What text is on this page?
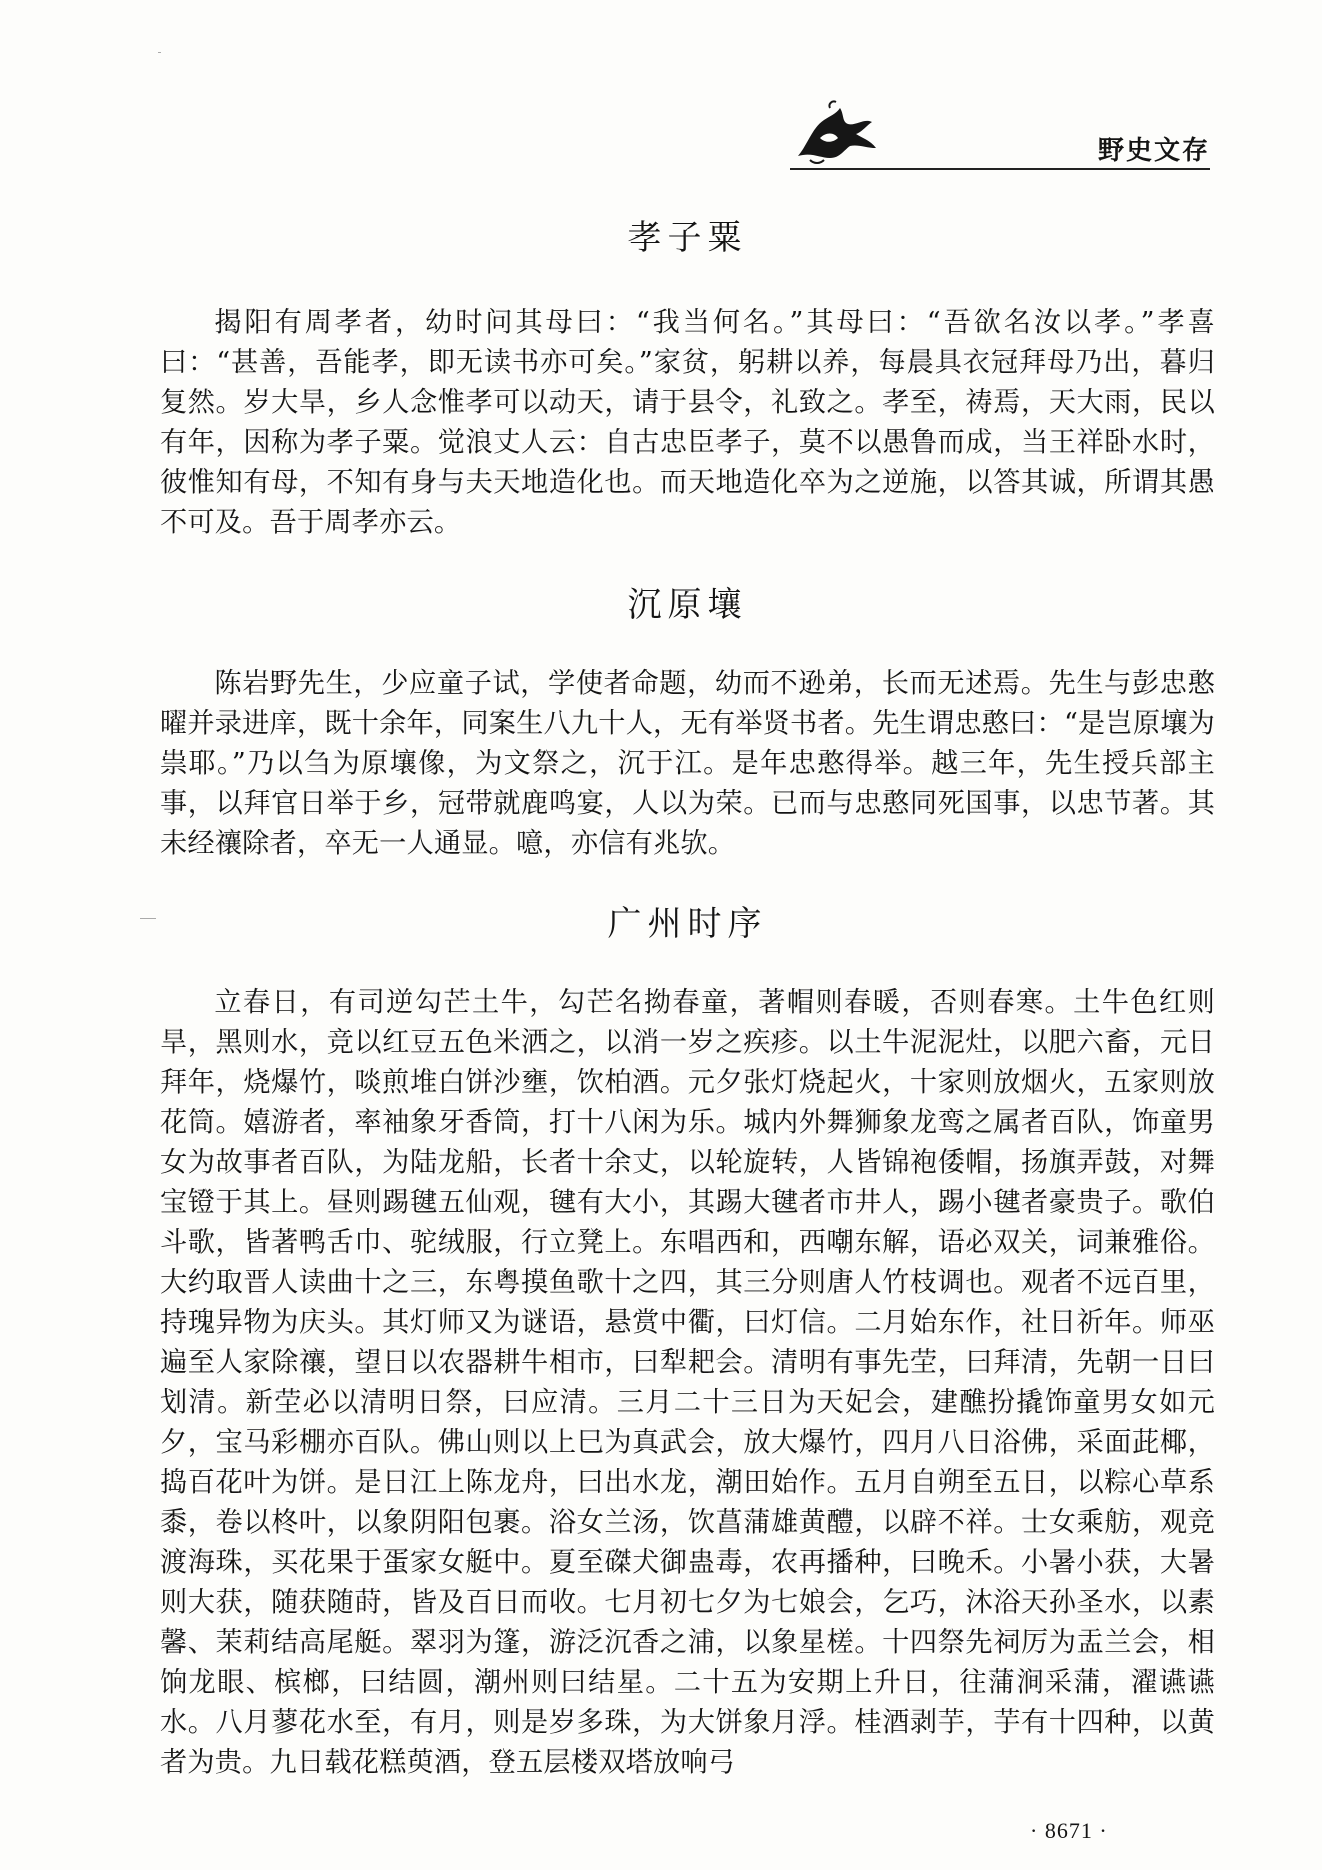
野史文存
孝子粟

揭阳有周孝者，幼时问其母曰：“我当何名。”其母曰：“吾欲名汝以孝。”孝喜曰：“甚善，吾能孝，即无读书亦可矣。”家贫，躬耕以养，每晨具衣冠拜母乃出，暮归复然。岁大旱，乡人念惟孝可以动天，请于县令，礼致之。孝至，祷焉，天大雨，民以有年，因称为孝子粟。觉浪丈人云：自古忠臣孝子，莫不以愚鲁而成，当王祥卧水时，彼惟知有母，不知有身与夫天地造化也。而天地造化卒为之逆施，以答其诚，所谓其愚不可及。吾于周孝亦云。

沉原壤

陈岩野先生，少应童子试，学使者命题，幼而不逊弟，长而无述焉。先生与彭忠憨曜并录进庠，既十余年，同案生八九十人，无有举贤书者。先生谓忠憨曰：“是岂原壤为祟耶。”乃以刍为原壤像，为文祭之，沉于江。是年忠憨得举。越三年，先生授兵部主事，以拜官日举于乡，冠带就鹿鸣宴，人以为荣。已而与忠憨同死国事，以忠节著。其未经禳除者，卒无一人通显。噫，亦信有兆欤。

广州时序

立春日，有司逆勾芒土牛，勾芒名拗春童，著帽则春暖，否则春寒。土牛色红则旱，黑则水，竞以红豆五色米洒之，以消一岁之疾疹。以土牛泥泥灶，以肥六畜，元日拜年，烧爆竹，啖煎堆白饼沙壅，饮柏酒。元夕张灯烧起火，十家则放烟火，五家则放花筒。嬉游者，率袖象牙香筒，打十八闲为乐。城内外舞狮象龙鸾之属者百队，饰童男女为故事者百队，为陆龙船，长者十余丈，以轮旋转，人皆锦袍倭帽，扬旗弄鼓，对舞宝镫于其上。昼则踢毽五仙观，毽有大小，其踢大毽者市井人，踢小毽者豪贵子。歌伯斗歌，皆著鸭舌巾、驼绒服，行立凳上。东唱西和，西嘲东解，语必双关，词兼雅俗。大约取晋人读曲十之三，东粤摸鱼歌十之四，其三分则唐人竹枝调也。观者不远百里，持瑰异物为庆头。其灯师又为谜语，悬赏中衢，曰灯信。二月始东作，社日祈年。师巫遍至人家除禳，望日以农器耕牛相市，曰犁耙会。清明有事先茔，曰拜清，先朝一日曰划清。新茔必以清明日祭，曰应清。三月二十三日为天妃会，建醮扮撬饰童男女如元夕，宝马彩棚亦百队。佛山则以上巳为真武会，放大爆竹，四月八日浴佛，采面茈椰，捣百花叶为饼。是日江上陈龙舟，曰出水龙，潮田始作。五月自朔至五日，以粽心草系黍，卷以柊叶，以象阴阳包裹。浴女兰汤，饮菖蒲雄黄醴，以辟不祥。士女乘舫，观竞渡海珠，买花果于蛋家女艇中。夏至磔犬御蛊毒，农再播种，曰晚禾。小暑小获，大暑则大获，随获随莳，皆及百日而收。七月初七夕为七娘会，乞巧，沐浴天孙圣水，以素馨、茉莉结高尾艇。翠羽为篷，游泛沉香之浦，以象星槎。十四祭先祠厉为盂兰会，相饷龙眼、槟榔，曰结圆，潮州则曰结星。二十五为安期上升日，往蒲涧采蒲，濯䜩䜩水。八月蓼花水至，有月，则是岁多珠，为大饼象月浮。桂酒剥芋，芋有十四种，以黄者为贵。九日载花糕萸酒，登五层楼双塔放响弓

· 8671 ·
